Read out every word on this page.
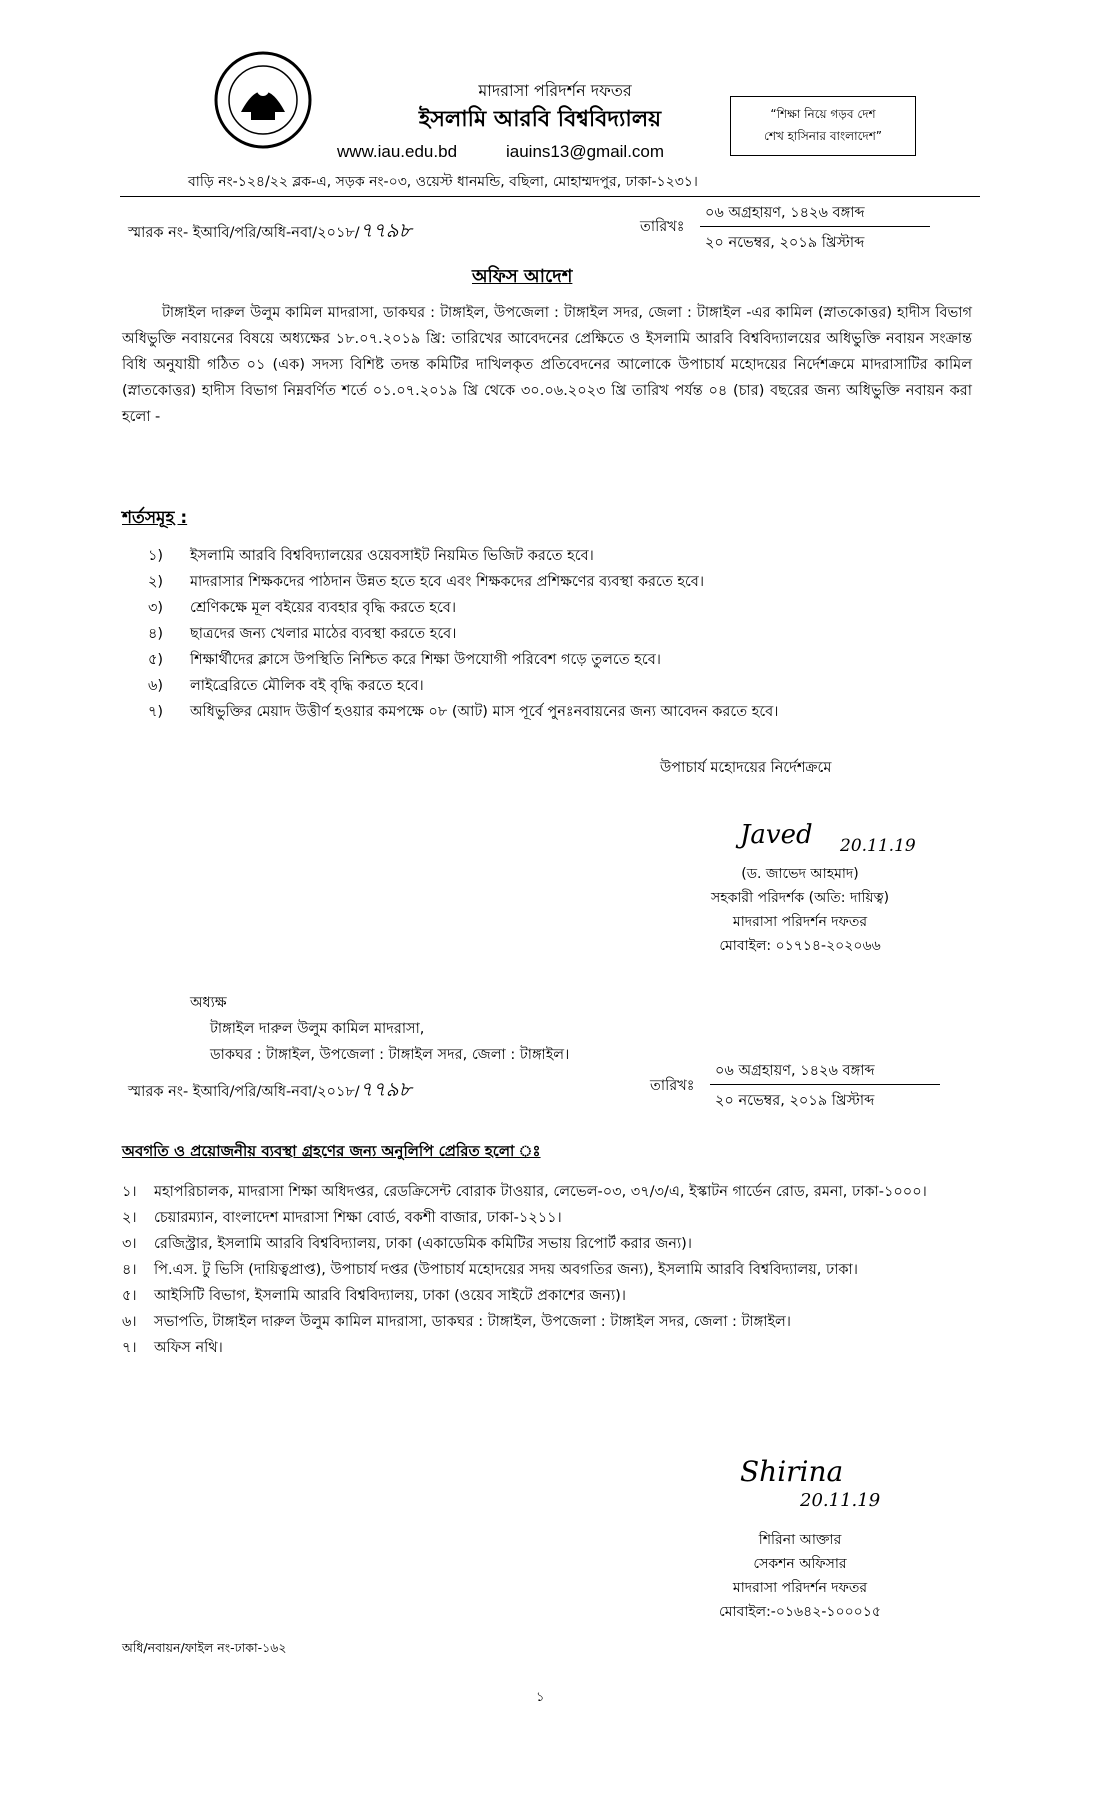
মাদরাসা পরিদর্শন দফতর
ইসলামি আরবি বিশ্ববিদ্যালয়
www.iau.edu.bd	iauins13@gmail.com
বাড়ি নং-১২৪/২২ ব্লক-এ, সড়ক নং-০৩, ওয়েস্ট ধানমন্ডি, বছিলা, মোহাম্মদপুর, ঢাকা-১২৩১।
“শিক্ষা নিয়ে গড়ব দেশ
শেখ হাসিনার বাংলাদেশ”
স্মারক নং- ইআবি/পরি/অধি-নবা/২০১৮/৭৭৯৮	তারিখঃ
০৬ অগ্রহায়ণ, ১৪২৬ বঙ্গাব্দ
২০ নভেম্বর, ২০১৯ খ্রিস্টাব্দ
অফিস আদেশ
টাঙ্গাইল দারুল উলুম কামিল মাদরাসা, ডাকঘর : টাঙ্গাইল, উপজেলা : টাঙ্গাইল সদর, জেলা : টাঙ্গাইল -এর কামিল (স্নাতকোত্তর) হাদীস বিভাগ অধিভুক্তি নবায়নের বিষয়ে অধ্যক্ষের ১৮.০৭.২০১৯ খ্রি: তারিখের আবেদনের প্রেক্ষিতে ও ইসলামি আরবি বিশ্ববিদ্যালয়ের অধিভুক্তি নবায়ন সংক্রান্ত বিধি অনুযায়ী গঠিত ০১ (এক) সদস্য বিশিষ্ট তদন্ত কমিটির দাখিলকৃত প্রতিবেদনের আলোকে উপাচার্য মহোদয়ের নির্দেশক্রমে মাদরাসাটির কামিল (স্নাতকোত্তর) হাদীস বিভাগ নিম্নবর্ণিত শর্তে ০১.০৭.২০১৯ খ্রি থেকে ৩০.০৬.২০২৩ খ্রি তারিখ পর্যন্ত ০৪ (চার) বছরের জন্য অধিভুক্তি নবায়ন করা হলো -
শর্তসমূহ :
১)	ইসলামি আরবি বিশ্ববিদ্যালয়ের ওয়েবসাইট নিয়মিত ভিজিট করতে হবে।
২)	মাদরাসার শিক্ষকদের পাঠদান উন্নত হতে হবে এবং শিক্ষকদের প্রশিক্ষণের ব্যবস্থা করতে হবে।
৩)	শ্রেণিকক্ষে মূল বইয়ের ব্যবহার বৃদ্ধি করতে হবে।
৪)	ছাত্রদের জন্য খেলার মাঠের ব্যবস্থা করতে হবে।
৫)	শিক্ষার্থীদের ক্লাসে উপস্থিতি নিশ্চিত করে শিক্ষা উপযোগী পরিবেশ গড়ে তুলতে হবে।
৬)	লাইব্রেরিতে মৌলিক বই বৃদ্ধি করতে হবে।
৭)	অধিভুক্তির মেয়াদ উত্তীর্ণ হওয়ার কমপক্ষে ০৮ (আট) মাস পূর্বে পুনঃনবায়নের জন্য আবেদন করতে হবে।
উপাচার্য মহোদয়ের নির্দেশক্রমে
Javed 20.11.19
(ড. জাভেদ আহমাদ)
সহকারী পরিদর্শক (অতি: দায়িত্ব)
মাদরাসা পরিদর্শন দফতর
মোবাইল: ০১৭১৪-২০২০৬৬
অধ্যক্ষ
টাঙ্গাইল দারুল উলুম কামিল মাদরাসা,
ডাকঘর : টাঙ্গাইল, উপজেলা : টাঙ্গাইল সদর, জেলা : টাঙ্গাইল।
স্মারক নং- ইআবি/পরি/অধি-নবা/২০১৮/৭৭৯৮	তারিখঃ
০৬ অগ্রহায়ণ, ১৪২৬ বঙ্গাব্দ
২০ নভেম্বর, ২০১৯ খ্রিস্টাব্দ
অবগতি ও প্রয়োজনীয় ব্যবস্থা গ্রহণের জন্য অনুলিপি প্রেরিত হলো ঃ
১।	মহাপরিচালক, মাদরাসা শিক্ষা অধিদপ্তর, রেডক্রিসেন্ট বোরাক টাওয়ার, লেভেল-০৩, ৩৭/৩/এ, ইস্কাটন গার্ডেন রোড, রমনা, ঢাকা-১০০০।
২।	চেয়ারম্যান, বাংলাদেশ মাদরাসা শিক্ষা বোর্ড, বকশী বাজার, ঢাকা-১২১১।
৩।	রেজিস্ট্রার, ইসলামি আরবি বিশ্ববিদ্যালয়, ঢাকা (একাডেমিক কমিটির সভায় রিপোর্ট করার জন্য)।
৪।	পি.এস. টু ভিসি (দায়িত্বপ্রাপ্ত), উপাচার্য দপ্তর (উপাচার্য মহোদয়ের সদয় অবগতির জন্য), ইসলামি আরবি বিশ্ববিদ্যালয়, ঢাকা।
৫।	আইসিটি বিভাগ, ইসলামি আরবি বিশ্ববিদ্যালয়, ঢাকা (ওয়েব সাইটে প্রকাশের জন্য)।
৬।	সভাপতি, টাঙ্গাইল দারুল উলুম কামিল মাদরাসা, ডাকঘর : টাঙ্গাইল, উপজেলা : টাঙ্গাইল সদর, জেলা : টাঙ্গাইল।
৭।	অফিস নথি।
Shirina
20.11.19
শিরিনা আক্তার
সেকশন অফিসার
মাদরাসা পরিদর্শন দফতর
মোবাইল:-০১৬৪২-১০০০১৫
অধি/নবায়ন/ফাইল নং-ঢাকা-১৬২
১
